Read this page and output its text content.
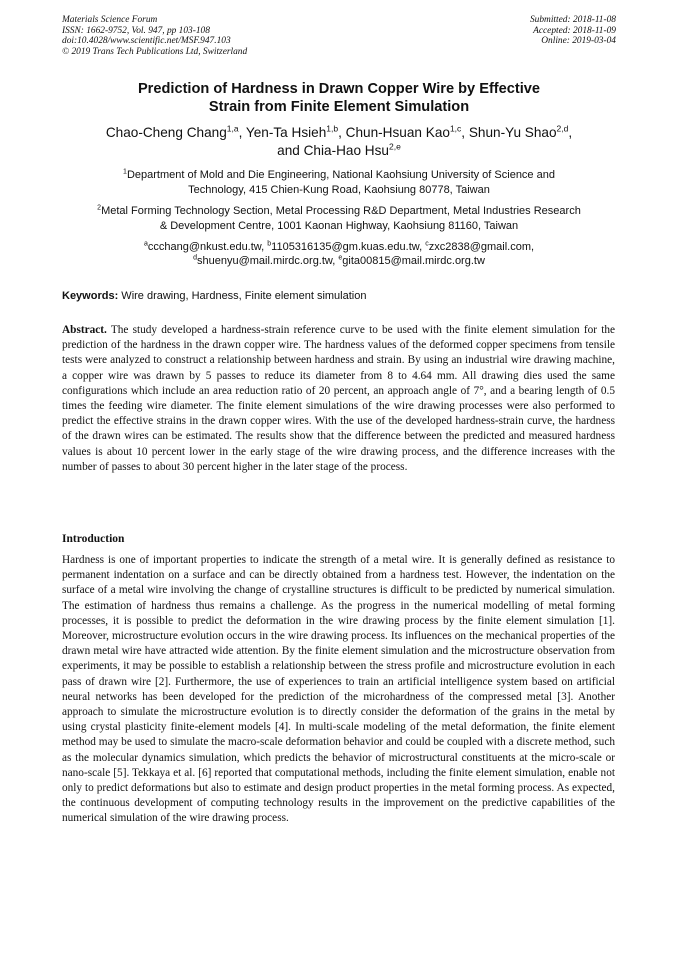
Materials Science Forum
ISSN: 1662-9752, Vol. 947, pp 103-108
doi:10.4028/www.scientific.net/MSF.947.103
© 2019 Trans Tech Publications Ltd, Switzerland
Submitted: 2018-11-08
Accepted: 2018-11-09
Online: 2019-03-04
Prediction of Hardness in Drawn Copper Wire by Effective
Strain from Finite Element Simulation
Chao-Cheng Chang$^{1,a}$, Yen-Ta Hsieh$^{1,b}$, Chun-Hsuan Kao$^{1,c}$, Shun-Yu Shao$^{2,d}$,
and Chia-Hao Hsu$^{2,e}$
$^1$Department of Mold and Die Engineering, National Kaohsiung University of Science and
Technology, 415 Chien-Kung Road, Kaohsiung 80778, Taiwan
$^2$Metal Forming Technology Section, Metal Processing R&D Department, Metal Industries Research
& Development Centre, 1001 Kaonan Highway, Kaohsiung 81160, Taiwan
$^a$ccchang@nkust.edu.tw, $^b$1105316135@gm.kuas.edu.tw, $^c$zxc2838@gmail.com,
$^d$shuenyu@mail.mirdc.org.tw, $^e$gita00815@mail.mirdc.org.tw
Keywords: Wire drawing, Hardness, Finite element simulation

Abstract. The study developed a hardness-strain reference curve to be used with the finite element simulation for the prediction of the hardness in the drawn copper wire. The hardness values of the deformed copper specimens from tensile tests were analyzed to construct a relationship between hardness and strain. By using an industrial wire drawing machine, a copper wire was drawn by 5 passes to reduce its diameter from 8 to 4.64 mm. All drawing dies used the same configurations which include an area reduction ratio of 20 percent, an approach angle of 7°, and a bearing length of 0.5 times the feeding wire diameter. The finite element simulations of the wire drawing processes were also performed to predict the effective strains in the drawn copper wires. With the use of the developed hardness-strain curve, the hardness of the drawn wires can be estimated. The results show that the difference between the predicted and measured hardness values is about 10 percent lower in the early stage of the wire drawing process, and the difference increases with the number of passes to about 30 percent higher in the later stage of the process.

Introduction

Hardness is one of important properties to indicate the strength of a metal wire. It is generally defined as resistance to permanent indentation on a surface and can be directly obtained from a hardness test. However, the indentation on the surface of a metal wire involving the change of crystalline structures is difficult to be predicted by numerical simulation. The estimation of hardness thus remains a challenge. As the progress in the numerical modelling of metal forming processes, it is possible to predict the deformation in the wire drawing process by the finite element simulation [1]. Moreover, microstructure evolution occurs in the wire drawing process. Its influences on the mechanical properties of the drawn metal wire have attracted wide attention. By the finite element simulation and the microstructure observation from experiments, it may be possible to establish a relationship between the stress profile and microstructure evolution in each pass of drawn wire [2]. Furthermore, the use of experiences to train an artificial intelligence system based on artificial neural networks has been developed for the prediction of the microhardness of the compressed metal [3]. Another approach to simulate the microstructure evolution is to directly consider the deformation of the grains in the metal by using crystal plasticity finite-element models [4]. In multi-scale modeling of the metal deformation, the finite element method may be used to simulate the macro-scale deformation behavior and could be coupled with a discrete method, such as the molecular dynamics simulation, which predicts the behavior of microstructural constituents at the micro-scale or nano-scale [5]. Tekkaya et al. [6] reported that computational methods, including the finite element simulation, enable not only to predict deformations but also to estimate and design product properties in the metal forming process. As expected, the continuous development of computing technology results in the improvement on the predictive capabilities of the numerical simulation of the wire drawing process.
